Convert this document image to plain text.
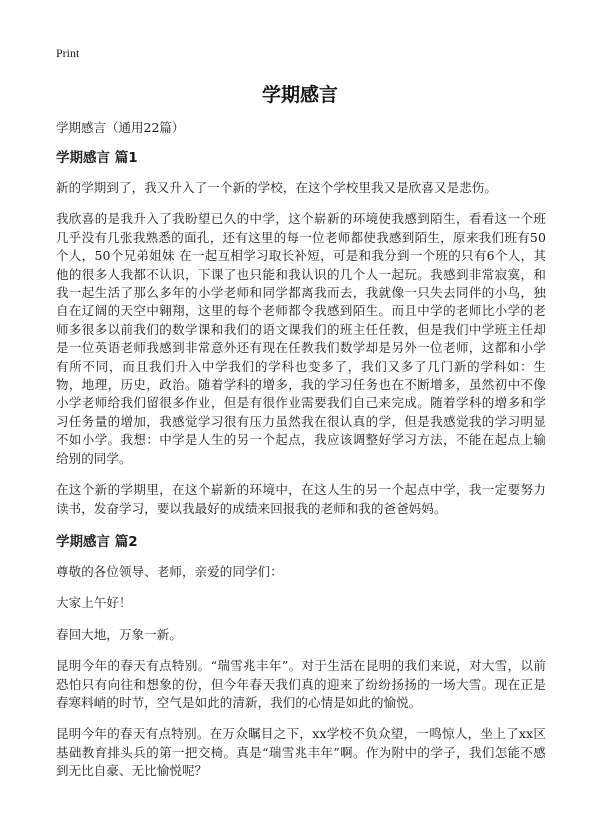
Print
学期感言

学期感言（通用22篇）

学期感言 篇1

新的学期到了，我又升入了一个新的学校，在这个学校里我又是欣喜又是悲伤。

我欣喜的是我升入了我盼望已久的中学，这个崭新的环境使我感到陌生，看看这一个班几乎没有几张我熟悉的面孔，还有这里的每一位老师都使我感到陌生，原来我们班有50个人，50个兄弟姐妹 在一起互相学习取长补短，可是和我分到一个班的只有6个人，其他的很多人我都不认识，下课了也只能和我认识的几个人一起玩。我感到非常寂寞，和我一起生活了那么多年的小学老师和同学都离我而去，我就像一只失去同伴的小鸟，独自在辽阔的天空中翱翔，这里的每个老师都令我感到陌生。而且中学的老师比小学的老师多很多以前我们的数学课和我们的语文课我们的班主任任教，但是我们中学班主任却是一位英语老师我感到非常意外还有现在任教我们数学却是另外一位老师，这都和小学有所不同，而且我们升入中学我们的学科也变多了，我们又多了几门新的学科如：生物，地理，历史，政治。随着学科的增多，我的学习任务也在不断增多，虽然初中不像小学老师给我们留很多作业，但是有很作业需要我们自己来完成。随着学科的增多和学习任务量的增加，我感觉学习很有压力虽然我在很认真的学，但是我感觉我的学习明显不如小学。我想：中学是人生的另一个起点，我应该调整好学习方法，不能在起点上输给别的同学。

在这个新的学期里，在这个崭新的环境中，在这人生的另一个起点中学，我一定要努力读书，发奋学习，要以我最好的成绩来回报我的老师和我的爸爸妈妈。

学期感言 篇2

尊敬的各位领导、老师，亲爱的同学们：

大家上午好！

春回大地，万象一新。

昆明今年的春天有点特别。“瑞雪兆丰年”。对于生活在昆明的我们来说，对大雪，以前恐怕只有向往和想象的份，但今年春天我们真的迎来了纷纷扬扬的一场大雪。现在正是春寒料峭的时节，空气是如此的清新，我们的心情是如此的愉悦。

昆明今年的春天有点特别。在万众瞩目之下，xx学校不负众望，一鸣惊人，坐上了xx区基础教育排头兵的第一把交椅。真是“瑞雪兆丰年”啊。作为附中的学子，我们怎能不感到无比自豪、无比愉悦呢？
